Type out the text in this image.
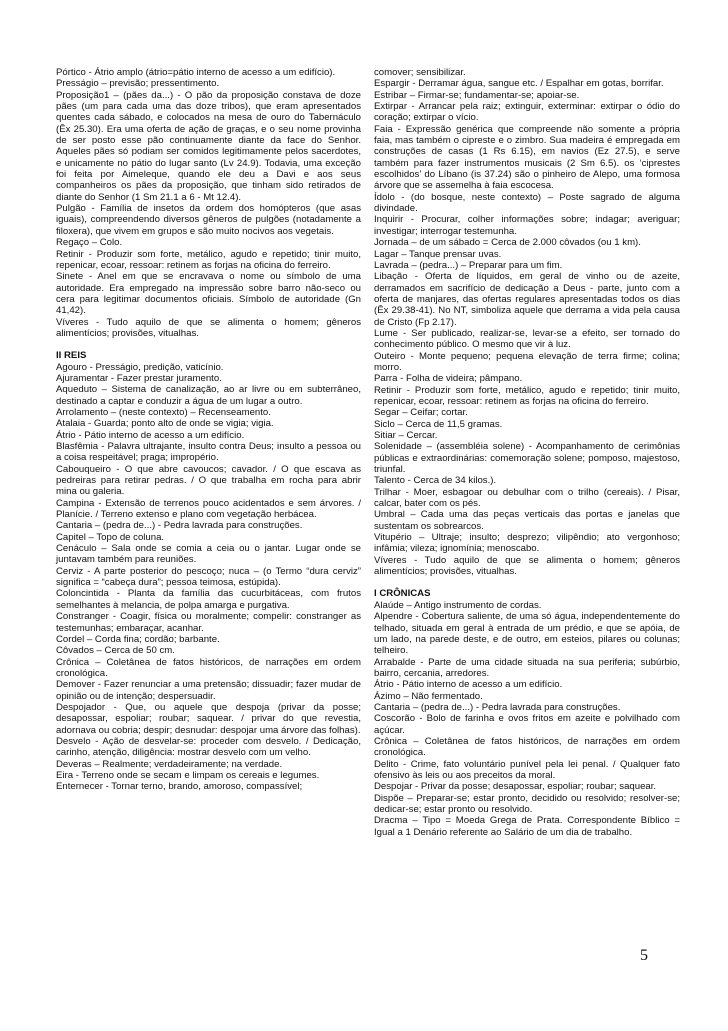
Pórtico - Átrio amplo (átrio=pátio interno de acesso a um edifício).

Presságio – previsão; pressentimento.

Proposição1 – (pães da...) - O pão da proposição constava de doze pães (um para cada uma das doze tribos), que eram apresentados quentes cada sábado, e colocados na mesa de ouro do Tabernáculo (Êx 25.30). Era uma oferta de ação de graças, e o seu nome provinha de ser posto esse pão continuamente diante da face do Senhor. Aqueles pães só podiam ser comidos legitimamente pelos sacerdotes, e unicamente no pátio do lugar santo (Lv 24.9). Todavia, uma exceção foi feita por Aimeleque, quando ele deu a Davi e aos seus companheiros os pães da proposição, que tinham sido retirados de diante do Senhor (1 Sm 21.1 a 6 - Mt 12.4).

Pulgão - Família de insetos da ordem dos homópteros (que asas iguais), compreendendo diversos gêneros de pulgões (notadamente a filoxera), que vivem em grupos e são muito nocivos aos vegetais.

Regaço – Colo.

Retinir - Produzir som forte, metálico, agudo e repetido; tinir muito, repenicar, ecoar, ressoar: retinem as forjas na oficina do ferreiro.

Sinete - Anel em que se encravava o nome ou símbolo de uma autoridade. Era empregado na impressão sobre barro não-seco ou cera para legitimar documentos oficiais. Símbolo de autoridade (Gn 41,42).

Víveres - Tudo aquilo de que se alimenta o homem; gêneros alimentícios; provisões, vitualhas.

II REIS

Agouro - Presságio, predição, vaticínio.

Ajuramentar - Fazer prestar juramento.

Aqueduto – Sistema de canalização, ao ar livre ou em subterrâneo, destinado a captar e conduzir a água de um lugar a outro.

Arrolamento – (neste contexto) – Recenseamento.

Atalaia - Guarda; ponto alto de onde se vigia; vigia.

Átrio - Pátio interno de acesso a um edifício.

Blasfêmia - Palavra ultrajante, insulto contra Deus; insulto a pessoa ou a coisa respeitável; praga; impropério.

Cabouqueiro - O que abre cavoucos; cavador. / O que escava as pedreiras para retirar pedras. / O que trabalha em rocha para abrir mina ou galeria.

Campina - Extensão de terrenos pouco acidentados e sem árvores. / Planície. / Terreno extenso e plano com vegetação herbácea.

Cantaria – (pedra de...) - Pedra lavrada para construções.

Capitel – Topo de coluna.

Cenáculo – Sala onde se comia a ceia ou o jantar. Lugar onde se juntavam também para reuniões.

Cerviz - A parte posterior do pescoço; nuca – (o Termo “dura cerviz” significa = “cabeça dura”; pessoa teimosa, estúpida).

Coloncintida - Planta da família das cucurbitáceas, com frutos semelhantes à melancia, de polpa amarga e purgativa.

Constranger - Coagir, física ou moralmente; compelir: constranger as testemunhas; embaraçar, acanhar.

Cordel – Corda fina; cordão; barbante.

Côvados – Cerca de 50 cm.

Crônica – Coletânea de fatos históricos, de narrações em ordem cronológica.

Demover - Fazer renunciar a uma pretensão; dissuadir; fazer mudar de opinião ou de intenção; despersuadir.

Despojador - Que, ou aquele que despoja (privar da posse; desapossar, espoliar; roubar; saquear. / privar do que revestia, adornava ou cobria; despir; desnudar: despojar uma árvore das folhas).

Desvelo - Ação de desvelar-se: proceder com desvelo. / Dedicação, carinho, atenção, diligência: mostrar desvelo com um velho.

Deveras – Realmente; verdadeiramente; na verdade.

Eira - Terreno onde se secam e limpam os cereais e legumes.

Enternecer - Tornar terno, brando, amoroso, compassível;

comover; sensibilizar.

Espargir - Derramar água, sangue etc. / Espalhar em gotas, borrifar.

Estribar – Firmar-se; fundamentar-se; apoiar-se.

Extirpar - Arrancar pela raiz; extinguir, exterminar: extirpar o ódio do coração; extirpar o vício.

Faia - Expressão genérica que compreende não somente a própria faia, mas também o cipreste e o zimbro. Sua madeira é empregada em construções de casas (1 Rs 6.15), em navios (Ez 27.5), e serve também para fazer instrumentos musicais (2 Sm 6.5). os ‘ciprestes escolhidos’ do Líbano (is 37.24) são o pinheiro de Alepo, uma formosa árvore que se assemelha à faia escocesa.

Ídolo - (do bosque, neste contexto) – Poste sagrado de alguma divindade.

Inquirir - Procurar, colher informações sobre; indagar; averiguar; investigar; interrogar testemunha.

Jornada – de um sábado = Cerca de 2.000 côvados (ou 1 km).

Lagar – Tanque prensar uvas.

Lavrada – (pedra...) – Preparar para um fim.

Libação - Oferta de líquidos, em geral de vinho ou de azeite, derramados em sacrifício de dedicação a Deus - parte, junto com a oferta de manjares, das ofertas regulares apresentadas todos os dias (Êx 29.38-41). No NT, simboliza aquele que derrama a vida pela causa de Cristo (Fp 2.17).

Lume - Ser publicado, realizar-se, levar-se a efeito, ser tornado do conhecimento público. O mesmo que vir à luz.

Outeiro - Monte pequeno; pequena elevação de terra firme; colina; morro.

Parra - Folha de videira; pâmpano.

Retinir - Produzir som forte, metálico, agudo e repetido; tinir muito, repenicar, ecoar, ressoar: retinem as forjas na oficina do ferreiro.

Segar – Ceifar; cortar.

Siclo – Cerca de 11,5 gramas.

Sitiar – Cercar.

Solenidade – (assembléia solene) - Acompanhamento de cerimônias públicas e extraordinárias: comemoração solene; pomposo, majestoso, triunfal.

Talento - Cerca de 34 kilos.).

Trilhar - Moer, esbagoar ou debulhar com o trilho (cereais). / Pisar, calcar, bater com os pés.

Umbral – Cada uma das peças verticais das portas e janelas que sustentam os sobrearcos.

Vitupério – Ultraje; insulto; desprezo; vilipêndio; ato vergonhoso; infâmia; vileza; ignomínia; menoscabo.

Víveres - Tudo aquilo de que se alimenta o homem; gêneros alimentícios; provisões, vitualhas.

I CRÔNICAS

Alaúde – Antigo instrumento de cordas.

Alpendre - Cobertura saliente, de uma só água, independentemente do telhado, situada em geral à entrada de um prédio, e que se apóia, de um lado, na parede deste, e de outro, em esteios, pilares ou colunas; telheiro.

Arrabalde - Parte de uma cidade situada na sua periferia; subúrbio, bairro, cercania, arredores.

Átrio - Pátio interno de acesso a um edifício.

Ázimo – Não fermentado.

Cantaria – (pedra de...) - Pedra lavrada para construções.

Coscorão - Bolo de farinha e ovos fritos em azeite e polvilhado com açúcar.

Crônica – Coletânea de fatos históricos, de narrações em ordem cronológica.

Delito - Crime, fato voluntário punível pela lei penal. / Qualquer fato ofensivo às leis ou aos preceitos da moral.

Despojar - Privar da posse; desapossar, espoliar; roubar; saquear.

Dispõe – Preparar-se; estar pronto, decidido ou resolvido; resolver-se; dedicar-se; estar pronto ou resolvido.

Dracma – Tipo = Moeda Grega de Prata. Correspondente Bíblico = Igual a 1 Denário referente ao Salário de um dia de trabalho.

5
